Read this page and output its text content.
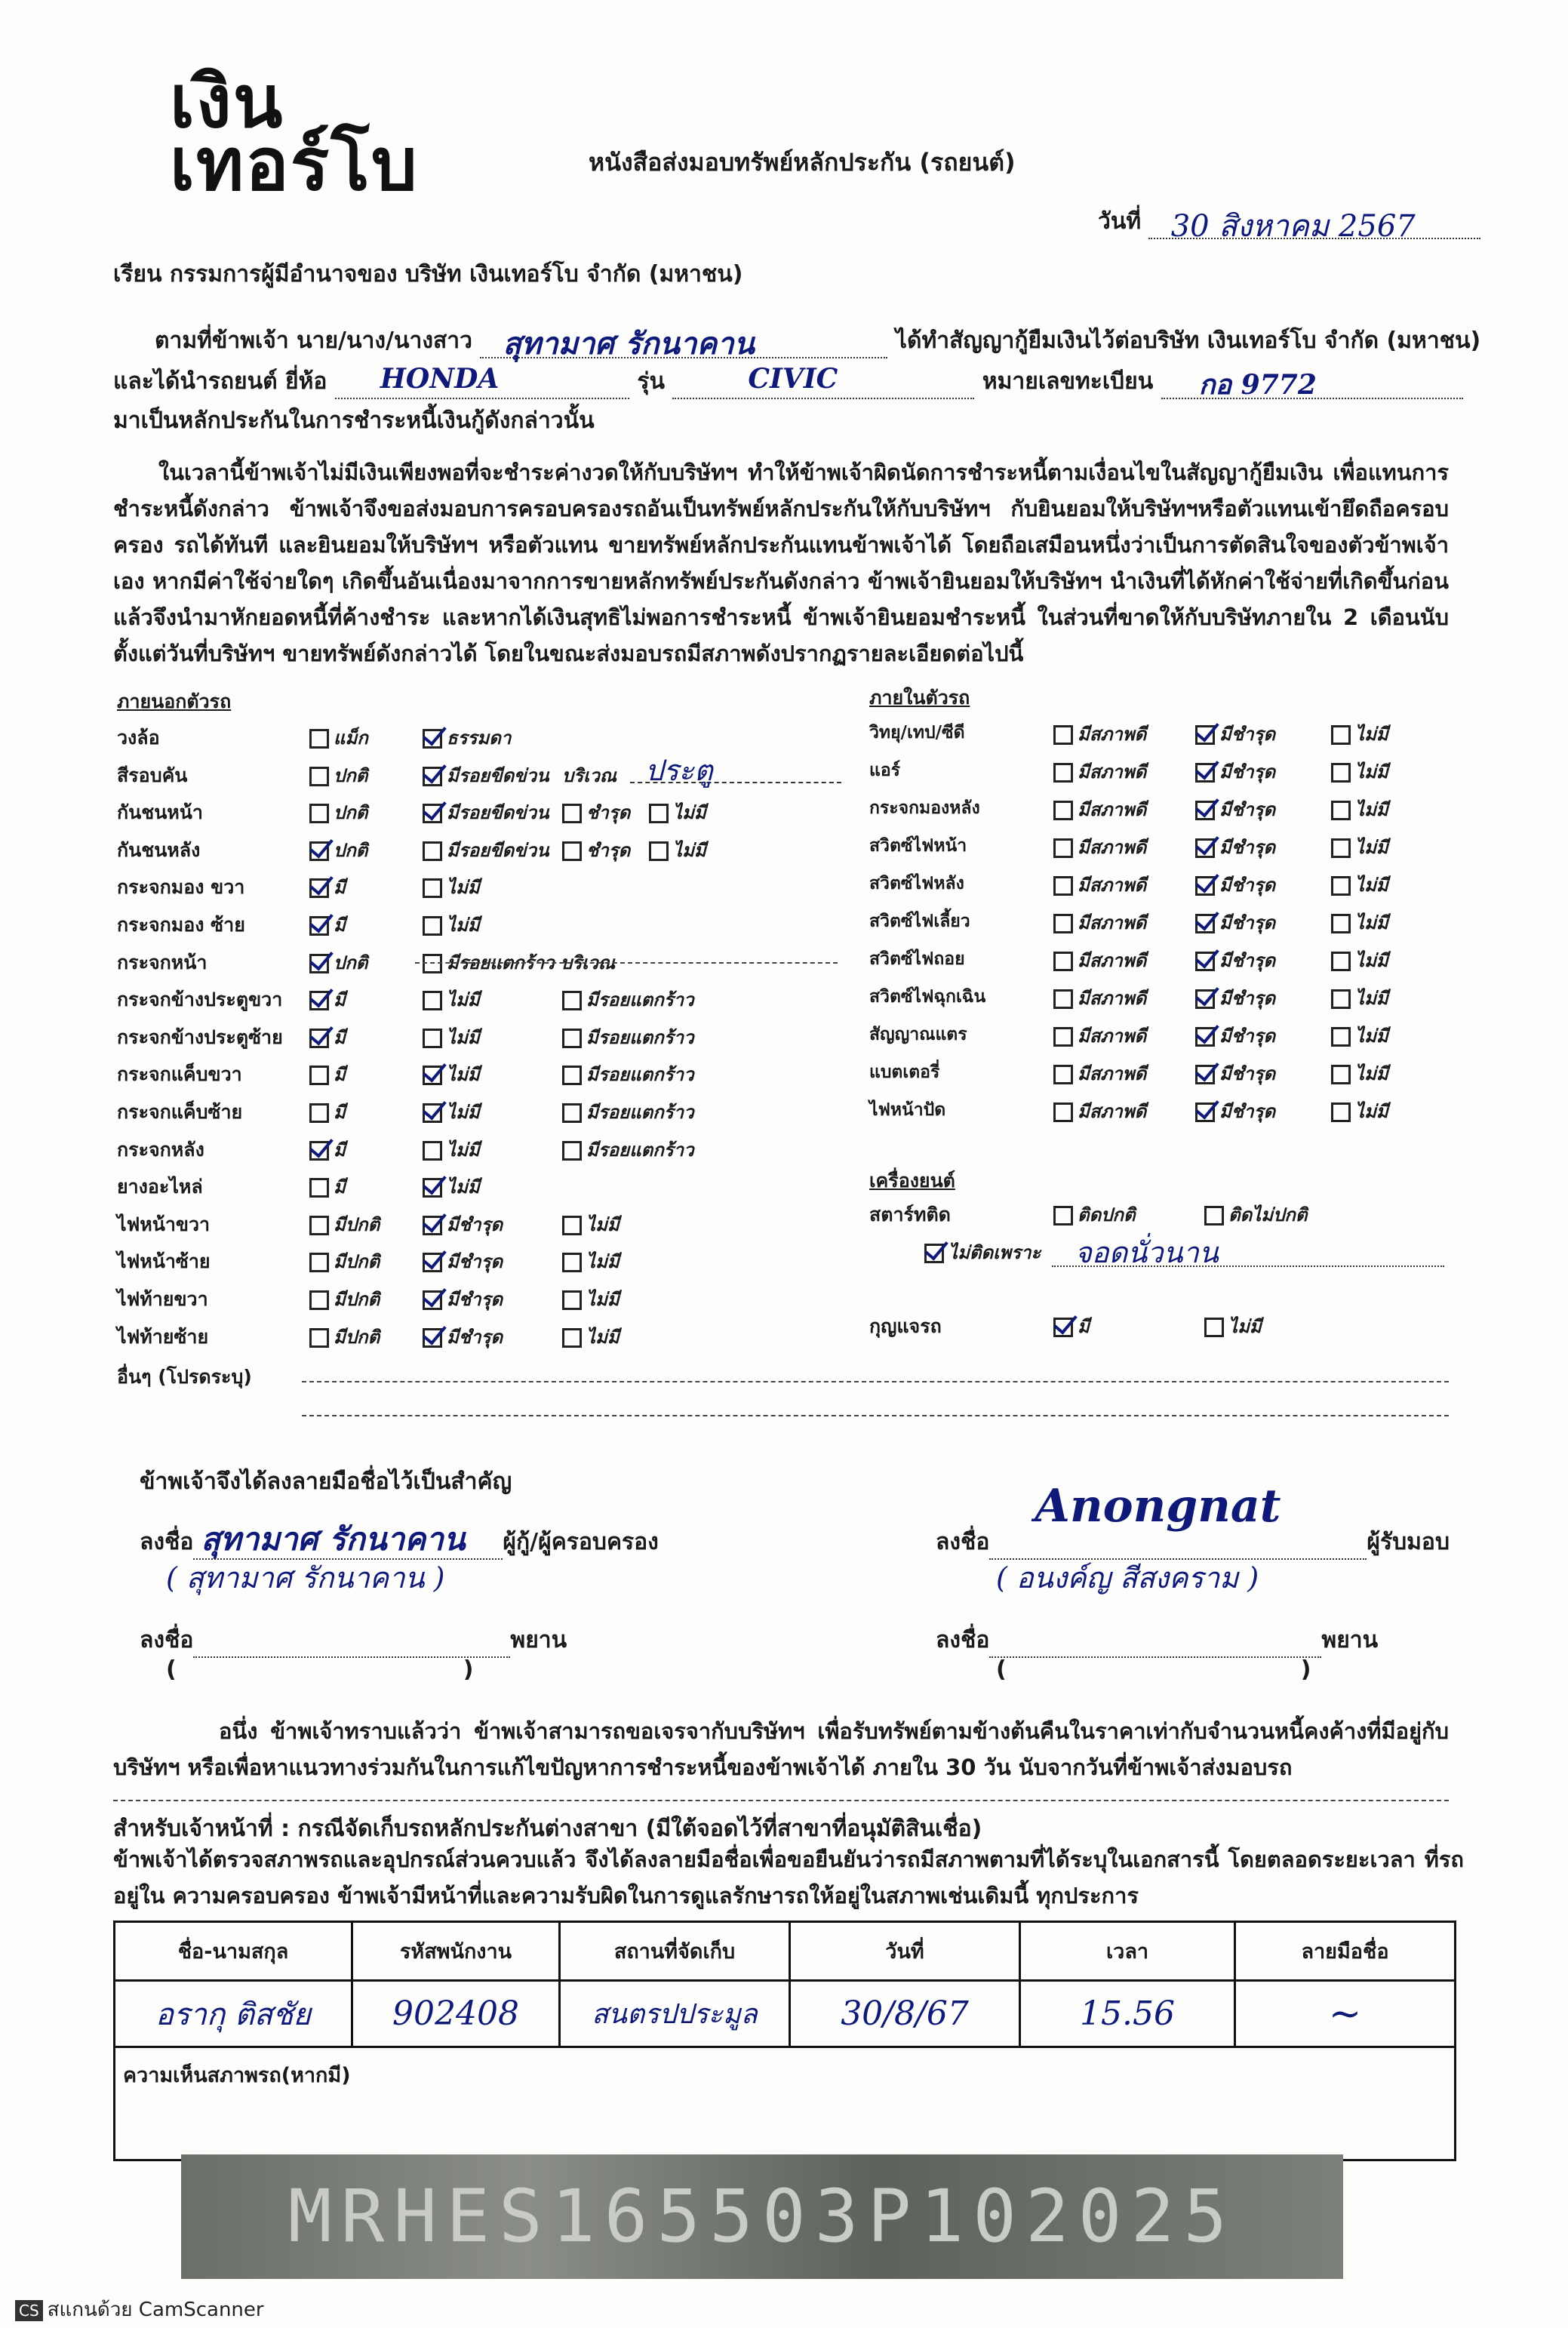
เงิน
เทอร์โบ	หนังสือส่งมอบทรัพย์หลักประกัน (รถยนต์)
วันที่ 30 สิงหาคม 2567
เรียน กรรมการผู้มีอำนาจของ บริษัท เงินเทอร์โบ จำกัด (มหาชน)
ตามที่ข้าพเจ้า นาย/นาง/นางสาว สุทามาศ รักนาคาน	ได้ทำสัญญากู้ยืมเงินไว้ต่อบริษัท เงินเทอร์โบ จำกัด (มหาชน)
และได้นำรถยนต์ ยี่ห้อ HONDA	รุ่น	CIVIC	หมายเลขทะเบียน กอ 9772
มาเป็นหลักประกันในการชำระหนี้เงินกู้ดังกล่าวนั้น
ในเวลานี้ข้าพเจ้าไม่มีเงินเพียงพอที่จะชำระค่างวดให้กับบริษัทฯ ทำให้ข้าพเจ้าผิดนัดการชำระหนี้ตามเงื่อนไขในสัญญากู้ยืมเงิน เพื่อแทนการชำระหนี้ดังกล่าว ข้าพเจ้าจึงขอส่งมอบการครอบครองรถอันเป็นทรัพย์หลักประกันให้กับบริษัทฯ กับยินยอมให้บริษัทฯหรือตัวแทนเข้ายึดถือครอบครอง รถได้ทันที และยินยอมให้บริษัทฯ หรือตัวแทน ขายทรัพย์หลักประกันแทนข้าพเจ้าได้ โดยถือเสมือนหนึ่งว่าเป็นการตัดสินใจของตัวข้าพเจ้าเอง หากมีค่าใช้จ่ายใดๆ เกิดขึ้นอันเนื่องมาจากการขายหลักทรัพย์ประกันดังกล่าว ข้าพเจ้ายินยอมให้บริษัทฯ นำเงินที่ได้หักค่าใช้จ่ายที่เกิดขึ้นก่อนแล้วจึงนำมาหักยอดหนี้ที่ค้างชำระ และหากได้เงินสุทธิไม่พอการชำระหนี้ ข้าพเจ้ายินยอมชำระหนี้ ในส่วนที่ขาดให้กับบริษัทภายใน 2 เดือนนับตั้งแต่วันที่บริษัทฯ ขายทรัพย์ดังกล่าวได้ โดยในขณะส่งมอบรถมีสภาพดังปรากฏรายละเอียดต่อไปนี้
ภายนอกตัวรถ
วงล้อ	แม็ก	ธรรมดา
สีรอบคัน	ปกติ	มีรอยขีดข่วน บริเวณ ประตู
กันชนหน้า	ปกติ	มีรอยขีดข่วน	ชำรุด	ไม่มี
กันชนหลัง	ปกติ	มีรอยขีดข่วน	ชำรุด	ไม่มี
กระจกมอง ขวา	มี	ไม่มี
กระจกมอง ซ้าย	มี	ไม่มี
กระจกหน้า	ปกติ	มีรอยแตกร้าว บริเวณ
กระจกข้างประตูขวา	มี	ไม่มี	มีรอยแตกร้าว
กระจกข้างประตูซ้าย	มี	ไม่มี	มีรอยแตกร้าว
กระจกแค็บขวา	มี	ไม่มี	มีรอยแตกร้าว
กระจกแค็บซ้าย	มี	ไม่มี	มีรอยแตกร้าว
กระจกหลัง	มี	ไม่มี	มีรอยแตกร้าว
ยางอะไหล่	มี	ไม่มี
ไฟหน้าขวา	มีปกติ	มีชำรุด	ไม่มี
ไฟหน้าซ้าย	มีปกติ	มีชำรุด	ไม่มี
ไฟท้ายขวา	มีปกติ	มีชำรุด	ไม่มี
ไฟท้ายซ้าย	มีปกติ	มีชำรุด	ไม่มี
อื่นๆ (โปรดระบุ)
ภายในตัวรถ
วิทยุ/เทป/ซีดี	มีสภาพดี	มีชำรุด	ไม่มี
แอร์	มีสภาพดี	มีชำรุด	ไม่มี
กระจกมองหลัง	มีสภาพดี	มีชำรุด	ไม่มี
สวิตซ์ไฟหน้า	มีสภาพดี	มีชำรุด	ไม่มี
สวิตซ์ไฟหลัง	มีสภาพดี	มีชำรุด	ไม่มี
สวิตซ์ไฟเลี้ยว	มีสภาพดี	มีชำรุด	ไม่มี
สวิตซ์ไฟถอย	มีสภาพดี	มีชำรุด	ไม่มี
สวิตซ์ไฟฉุกเฉิน	มีสภาพดี	มีชำรุด	ไม่มี
สัญญาณแตร	มีสภาพดี	มีชำรุด	ไม่มี
แบตเตอรี่	มีสภาพดี	มีชำรุด	ไม่มี
ไฟหน้าปัด	มีสภาพดี	มีชำรุด	ไม่มี
เครื่องยนต์
สตาร์ทติด	ติดปกติ	ติดไม่ปกติ
ไม่ติดเพราะ จอดนั่วนาน
กุญแจรถ	มี	ไม่มี
ข้าพเจ้าจึงได้ลงลายมือชื่อไว้เป็นสำคัญ
ลงชื่อ สุทามาศ รักนาคาน ผู้กู้/ผู้ครอบครอง
( สุทามาศ รักนาคาน )
ลงชื่อ
Anongnat
ผู้รับมอบ
( อนงค์ญ สีสงคราม )
ลงชื่อ	พยาน
(	)
ลงชื่อ	พยาน
(	)
อนึ่ง ข้าพเจ้าทราบแล้วว่า ข้าพเจ้าสามารถขอเจรจากับบริษัทฯ เพื่อรับทรัพย์ตามข้างต้นคืนในราคาเท่ากับจำนวนหนี้คงค้างที่มีอยู่กับบริษัทฯ หรือเพื่อหาแนวทางร่วมกันในการแก้ไขปัญหาการชำระหนี้ของข้าพเจ้าได้ ภายใน 30 วัน นับจากวันที่ข้าพเจ้าส่งมอบรถ
สำหรับเจ้าหน้าที่ : กรณีจัดเก็บรถหลักประกันต่างสาขา (มีใต้จอดไว้ที่สาขาที่อนุมัติสินเชื่อ)
ข้าพเจ้าได้ตรวจสภาพรถและอุปกรณ์ส่วนควบแล้ว จึงได้ลงลายมือชื่อเพื่อขอยืนยันว่ารถมีสภาพตามที่ได้ระบุในเอกสารนี้ โดยตลอดระยะเวลา ที่รถอยู่ใน ความครอบครอง ข้าพเจ้ามีหน้าที่และความรับผิดในการดูแลรักษารถให้อยู่ในสภาพเช่นเดิมนี้ ทุกประการ
ชื่อ-นามสกุล	รหัสพนักงาน	สถานที่จัดเก็บ	วันที่	เวลา	ลายมือชื่อ
อรากุ ติสชัย	902408	สนตรปประมูล	30/8/67	15.56	~
ความเห็นสภาพรถ(หากมี)					
MRHES165503P102025
CS สแกนด้วย CamScanner
